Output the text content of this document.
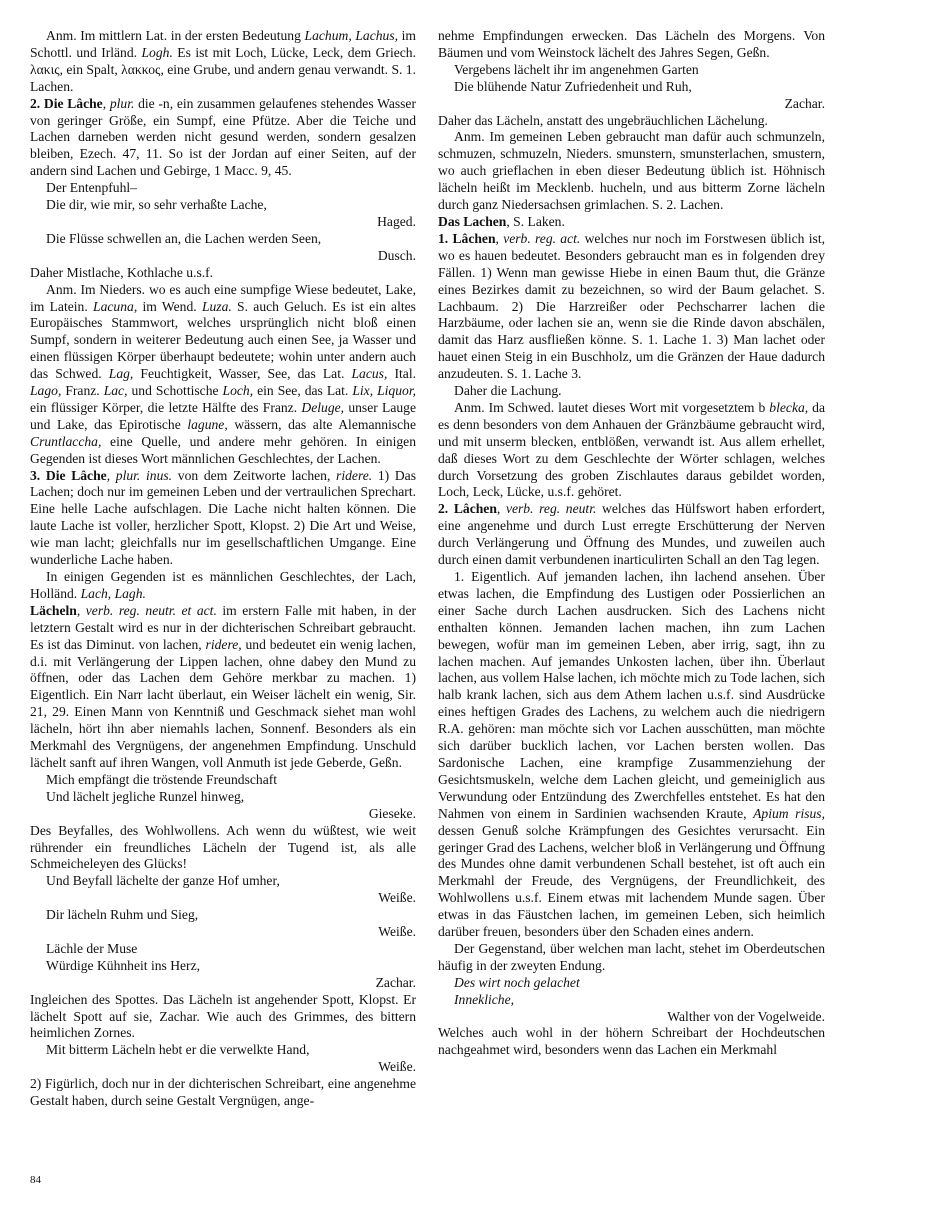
Anm. Im mittlern Lat. in der ersten Bedeutung Lachum, Lachus, im Schottl. und Irländ. Logh. Es ist mit Loch, Lücke, Leck, dem Griech. λακις, ein Spalt, λακκος, eine Grube, und andern genau verwandt. S. 1. Lachen.

2. Die Lâche, plur. die -n, ein zusammen gelaufenes stehendes Wasser von geringer Größe, ein Sumpf, eine Pfütze. Aber die Teiche und Lachen darneben werden nicht gesund werden, sondern gesalzen bleiben, Ezech. 47, 11. So ist der Jordan auf einer Seiten, auf der andern sind Lachen und Gebirge, 1 Macc. 9, 45.

Der Entenpfuhl–

Die dir, wie mir, so sehr verhaßte Lache,

Haged.

Die Flüsse schwellen an, die Lachen werden Seen,

Dusch.

Daher Mistlache, Kothlache u.s.f.

Anm. Im Nieders. wo es auch eine sumpfige Wiese bedeutet, Lake, im Latein. Lacuna, im Wend. Luza. S. auch Geluch. Es ist ein altes Europäisches Stammwort, welches ursprünglich nicht bloß einen Sumpf, sondern in weiterer Bedeutung auch einen See, ja Wasser und einen flüssigen Körper überhaupt bedeutete; wohin unter andern auch das Schwed. Lag, Feuchtigkeit, Wasser, See, das Lat. Lacus, Ital. Lago, Franz. Lac, und Schottische Loch, ein See, das Lat. Lix, Liquor, ein flüssiger Körper, die letzte Hälfte des Franz. Deluge, unser Lauge und Lake, das Epirotische lagune, wässern, das alte Alemannische Cruntlaccha, eine Quelle, und andere mehr gehören. In einigen Gegenden ist dieses Wort männlichen Geschlechtes, der Lachen.

3. Die Lâche, plur. inus. von dem Zeitworte lachen, ridere. 1) Das Lachen; doch nur im gemeinen Leben und der vertraulichen Sprechart. Eine helle Lache aufschlagen. Die Lache nicht halten können. Die laute Lache ist voller, herzlicher Spott, Klopst. 2) Die Art und Weise, wie man lacht; gleichfalls nur im gesellschaftlichen Umgange. Eine wunderliche Lache haben.

In einigen Gegenden ist es männlichen Geschlechtes, der Lach, Holländ. Lach, Lagh.

Lächeln, verb. reg. neutr. et act. im erstern Falle mit haben, in der letztern Gestalt wird es nur in der dichterischen Schreibart gebraucht. Es ist das Diminut. von lachen, ridere, und bedeutet ein wenig lachen, d.i. mit Verlängerung der Lippen lachen, ohne dabey den Mund zu öffnen, oder das Lachen dem Gehöre merkbar zu machen. 1) Eigentlich. Ein Narr lacht überlaut, ein Weiser lächelt ein wenig, Sir. 21, 29. Einen Mann von Kenntniß und Geschmack siehet man wohl lächeln, hört ihn aber niemahls lachen, Sonnenf. Besonders als ein Merkmahl des Vergnügens, der angenehmen Empfindung. Unschuld lächelt sanft auf ihren Wangen, voll Anmuth ist jede Geberde, Geßn.

Mich empfängt die tröstende Freundschaft

Und lächelt jegliche Runzel hinweg,

Gieseke.

Des Beyfalles, des Wohlwollens. Ach wenn du wüßtest, wie weit rührender ein freundliches Lächeln der Tugend ist, als alle Schmeicheleyen des Glücks!

Und Beyfall lächelte der ganze Hof umher,

Weiße.

Dir lächeln Ruhm und Sieg,

Weiße.

Lächle der Muse

Würdige Kühnheit ins Herz,

Zachar.

Ingleichen des Spottes. Das Lächeln ist angehender Spott, Klopst. Er lächelt Spott auf sie, Zachar. Wie auch des Grimmes, des bittern heimlichen Zornes.

Mit bitterm Lächeln hebt er die verwelkte Hand,

Weiße.

2) Figürlich, doch nur in der dichterischen Schreibart, eine angenehme Gestalt haben, durch seine Gestalt Vergnügen, ange-

nehme Empfindungen erwecken. Das Lächeln des Morgens. Von Bäumen und vom Weinstock lächelt des Jahres Segen, Geßn.

Vergebens lächelt ihr im angenehmen Garten

Die blühende Natur Zufriedenheit und Ruh,

Zachar.

Daher das Lächeln, anstatt des ungebräuchlichen Lächelung.

Anm. Im gemeinen Leben gebraucht man dafür auch schmunzeln, schmuzen, schmuzeln, Nieders. smunstern, smunsterlachen, smustern, wo auch grieflachen in eben dieser Bedeutung üblich ist. Höhnisch lächeln heißt im Mecklenb. hucheln, und aus bitterm Zorne lächeln durch ganz Niedersachsen grimlachen. S. 2. Lachen.

Das Lachen, S. Laken.

1. Lâchen, verb. reg. act. welches nur noch im Forstwesen üblich ist, wo es hauen bedeutet. Besonders gebraucht man es in folgenden drey Fällen. 1) Wenn man gewisse Hiebe in einen Baum thut, die Gränze eines Bezirkes damit zu bezeichnen, so wird der Baum gelachet. S. Lachbaum. 2) Die Harzreißer oder Pechscharrer lachen die Harzbäume, oder lachen sie an, wenn sie die Rinde davon abschälen, damit das Harz ausfließen könne. S. 1. Lache 1. 3) Man lachet oder hauet einen Steig in ein Buschholz, um die Gränzen der Haue dadurch anzudeuten. S. 1. Lache 3.

Daher die Lachung.

Anm. Im Schwed. lautet dieses Wort mit vorgesetztem b blecka, da es denn besonders von dem Anhauen der Gränzbäume gebraucht wird, und mit unserm blecken, entblößen, verwandt ist. Aus allem erhellet, daß dieses Wort zu dem Geschlechte der Wörter schlagen, welches durch Vorsetzung des groben Zischlautes daraus gebildet worden, Loch, Leck, Lücke, u.s.f. gehöret.

2. Lâchen, verb. reg. neutr. welches das Hülfswort haben erfordert, eine angenehme und durch Lust erregte Erschütterung der Nerven durch Verlängerung und Öffnung des Mundes, und zuweilen auch durch einen damit verbundenen inarticulirten Schall an den Tag legen.

1. Eigentlich. Auf jemanden lachen, ihn lachend ansehen. Über etwas lachen, die Empfindung des Lustigen oder Possierlichen an einer Sache durch Lachen ausdrucken. Sich des Lachens nicht enthalten können. Jemanden lachen machen, ihn zum Lachen bewegen, wofür man im gemeinen Leben, aber irrig, sagt, ihn zu lachen machen. Auf jemandes Unkosten lachen, über ihn. Überlaut lachen, aus vollem Halse lachen, ich möchte mich zu Tode lachen, sich halb krank lachen, sich aus dem Athem lachen u.s.f. sind Ausdrücke eines heftigen Grades des Lachens, zu welchem auch die niedrigern R.A. gehören: man möchte sich vor Lachen ausschütten, man möchte sich darüber bucklich lachen, vor Lachen bersten wollen. Das Sardonische Lachen, eine krampfige Zusammenziehung der Gesichtsmuskeln, welche dem Lachen gleicht, und gemeiniglich aus Verwundung oder Entzündung des Zwerchfelles entstehet. Es hat den Nahmen von einem in Sardinien wachsenden Kraute, Apium risus, dessen Genuß solche Krämpfungen des Gesichtes verursacht. Ein geringer Grad des Lachens, welcher bloß in Verlängerung und Öffnung des Mundes ohne damit verbundenen Schall bestehet, ist oft auch ein Merkmahl der Freude, des Vergnügens, der Freundlichkeit, des Wohlwollens u.s.f. Einem etwas mit lachendem Munde sagen. Über etwas in das Fäustchen lachen, im gemeinen Leben, sich heimlich darüber freuen, besonders über den Schaden eines andern.

Der Gegenstand, über welchen man lacht, stehet im Oberdeutschen häufig in der zweyten Endung.

Des wirt noch gelachet

Innekliche,

Walther von der Vogelweide.

Welches auch wohl in der höhern Schreibart der Hochdeutschen nachgeahmet wird, besonders wenn das Lachen ein Merkmahl

84
